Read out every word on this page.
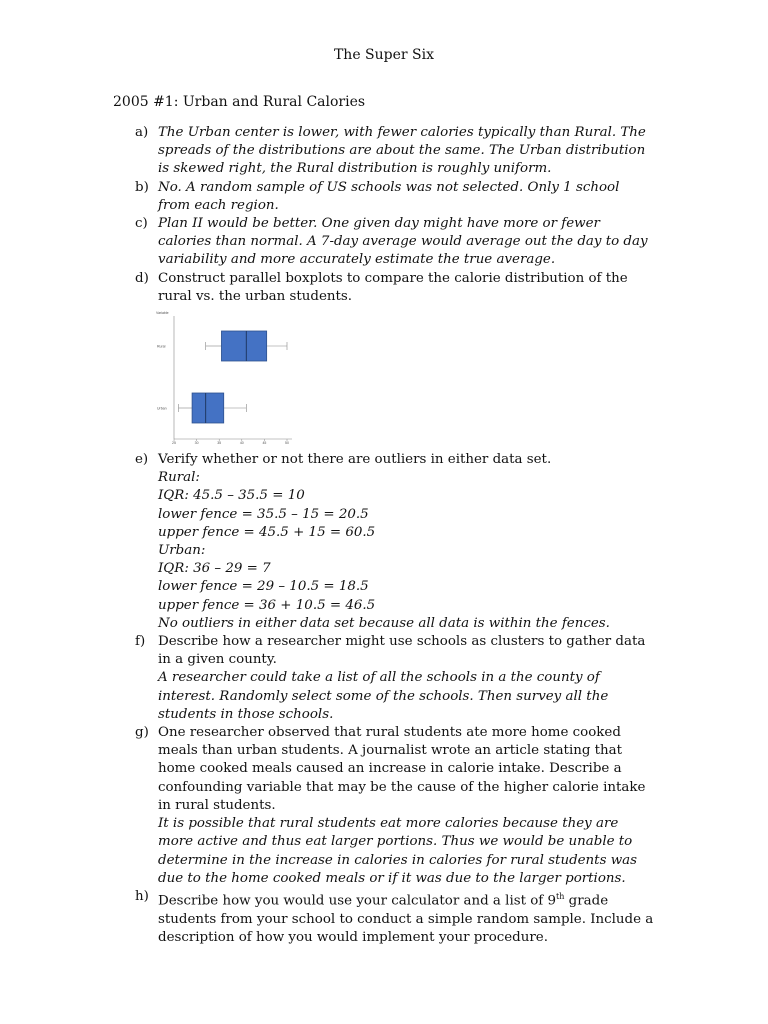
The Super Six
2005 #1: Urban and Rural Calories
a) The Urban center is lower, with fewer calories typically than Rural. The spreads of the distributions are about the same. The Urban distribution is skewed right, the Rural distribution is roughly uniform.
b) No. A random sample of US schools was not selected. Only 1 school from each region.
c) Plan II would be better. One given day might have more or fewer calories than normal. A 7-day average would average out the day to day variability and more accurately estimate the true average.
d) Construct parallel boxplots to compare the calorie distribution of the rural vs. the urban students.
Variable
Rural
Urban
25	30	35	40	45	50
e) Verify whether or not there are outliers in either data set.
Rural:
IQR: 45.5 – 35.5 = 10
lower fence = 35.5 – 15 = 20.5
upper fence = 45.5 + 15 = 60.5
Urban:
IQR: 36 – 29 = 7
lower fence = 29 – 10.5 = 18.5
upper fence = 36 + 10.5 = 46.5
No outliers in either data set because all data is within the fences.
f) Describe how a researcher might use schools as clusters to gather data in a given county.
A researcher could take a list of all the schools in a the county of interest. Randomly select some of the schools. Then survey all the students in those schools.
g) One researcher observed that rural students ate more home cooked meals than urban students. A journalist wrote an article stating that home cooked meals caused an increase in calorie intake. Describe a confounding variable that may be the cause of the higher calorie intake in rural students.
It is possible that rural students eat more calories because they are more active and thus eat larger portions. Thus we would be unable to determine in the increase in calories in calories for rural students was due to the home cooked meals or if it was due to the larger portions.
h) Describe how you would use your calculator and a list of 9th grade students from your school to conduct a simple random sample. Include a description of how you would implement your procedure.
